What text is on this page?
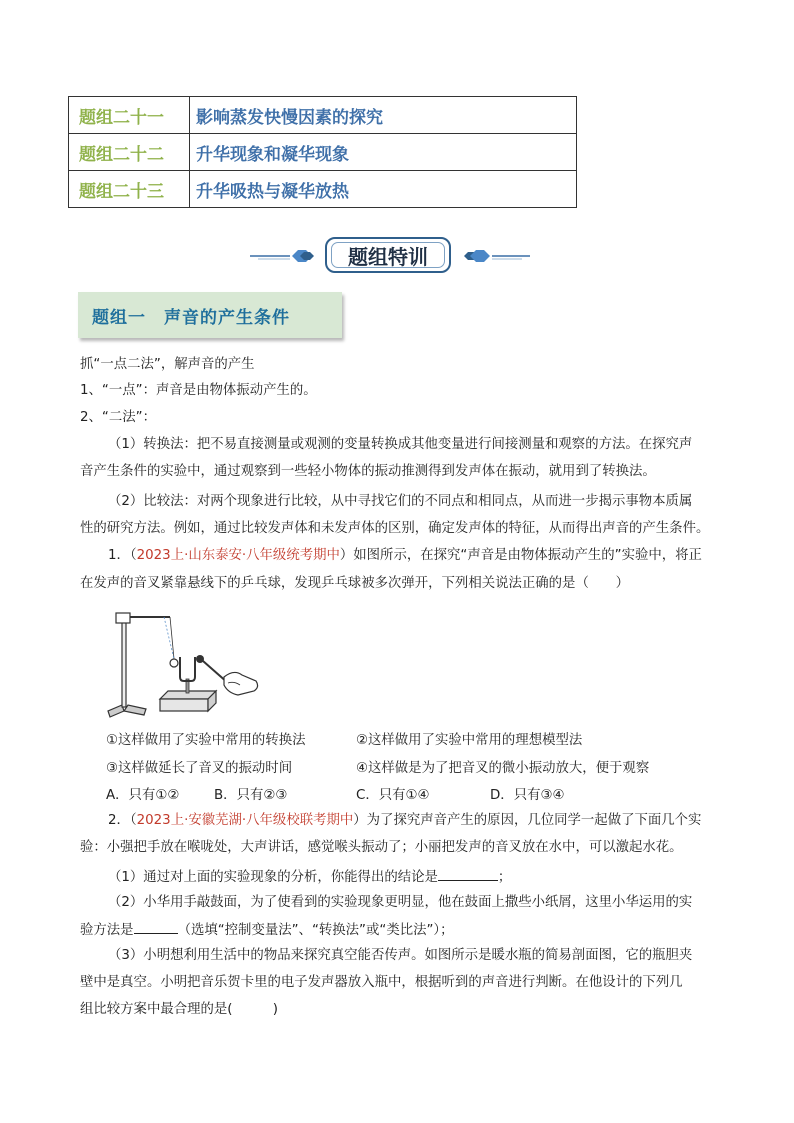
题组二十一	影响蒸发快慢因素的探究
题组二十二	升华现象和凝华现象
题组二十三	升华吸热与凝华放热
题组特训
题组一　声音的产生条件
抓“一点二法”，解声音的产生
1、“一点”：声音是由物体振动产生的。
2、“二法”：
（1）转换法：把不易直接测量或观测的变量转换成其他变量进行间接测量和观察的方法。在探究声
音产生条件的实验中，通过观察到一些轻小物体的振动推测得到发声体在振动，就用到了转换法。
（2）比较法：对两个现象进行比较，从中寻找它们的不同点和相同点，从而进一步揭示事物本质属
性的研究方法。例如，通过比较发声体和未发声体的区别，确定发声体的特征，从而得出声音的产生条件。
1．（2023上·山东泰安·八年级统考期中）如图所示，在探究“声音是由物体振动产生的”实验中，将正
在发声的音叉紧靠悬线下的乒乓球，发现乒乓球被多次弹开，下列相关说法正确的是（　　）
①这样做用了实验中常用的转换法	②这样做用了实验中常用的理想模型法
③这样做延长了音叉的振动时间	④这样做是为了把音叉的微小振动放大，便于观察
A．只有①②	B．只有②③	C．只有①④	D．只有③④
2．（2023上·安徽芜湖·八年级校联考期中）为了探究声音产生的原因，几位同学一起做了下面几个实
验：小强把手放在喉咙处，大声讲话，感觉喉头振动了；小丽把发声的音叉放在水中，可以激起水花。
（1）通过对上面的实验现象的分析，你能得出的结论是	；
（2）小华用手敲鼓面，为了使看到的实验现象更明显，他在鼓面上撒些小纸屑，这里小华运用的实
验方法是	（选填“控制变量法”、“转换法”或“类比法”）；
（3）小明想利用生活中的物品来探究真空能否传声。如图所示是暖水瓶的简易剖面图，它的瓶胆夹
壁中是真空。小明把音乐贺卡里的电子发声器放入瓶中，根据听到的声音进行判断。在他设计的下列几
组比较方案中最合理的是(　　　)
